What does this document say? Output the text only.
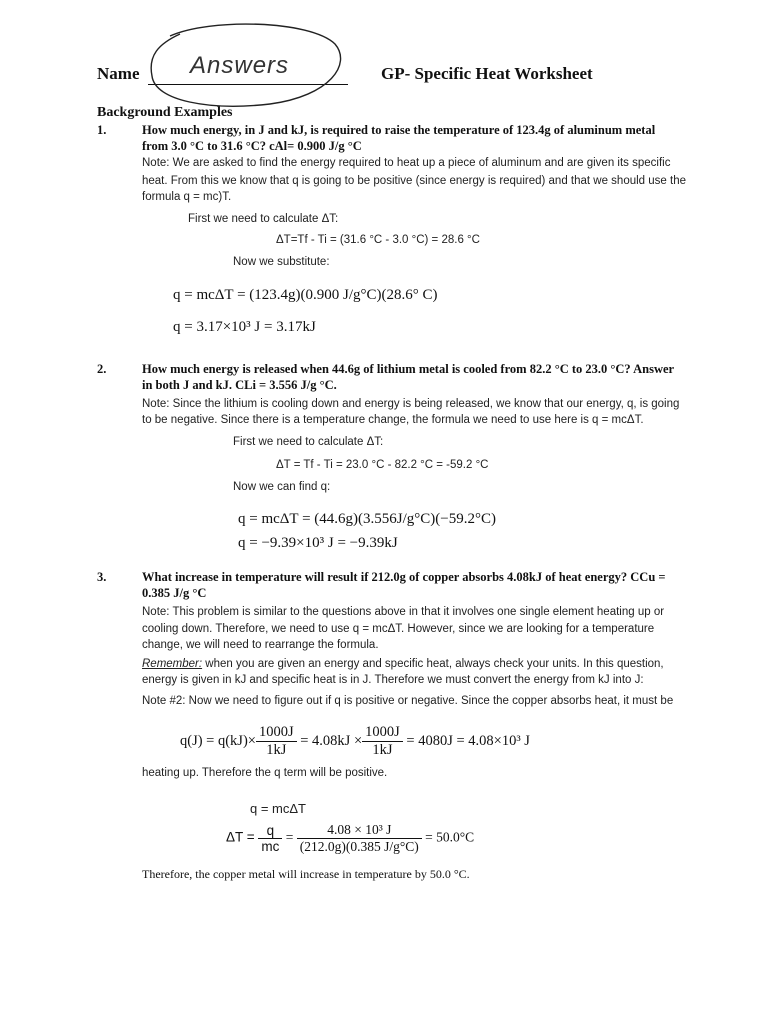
Name Answers	GP- Specific Heat Worksheet
Background Examples
1.	How much energy, in J and kJ, is required to raise the temperature of 123.4g of aluminum metal
from 3.0 °C to 31.6 °C? cAl= 0.900 J/g °C
Note: We are asked to find the energy required to heat up a piece of aluminum and are given its specific
heat. From this we know that q is going to be positive (since energy is required) and that we should use the
formula q = mc)T.
First we need to calculate ΔT:
ΔT=Tf - Ti = (31.6 °C - 3.0 °C) = 28.6 °C
Now we substitute:
q = mcΔT = (123.4g)(0.900 J/g°C)(28.6° C)
q = 3.17×10³ J = 3.17kJ
2.	How much energy is released when 44.6g of lithium metal is cooled from 82.2 °C to 23.0 °C? Answer
in both J and kJ. CLi = 3.556 J/g °C.
Note: Since the lithium is cooling down and energy is being released, we know that our energy, q, is going
to be negative. Since there is a temperature change, the formula we need to use here is q = mcΔT.
First we need to calculate ΔT:
ΔT = Tf - Ti = 23.0 °C - 82.2 °C = -59.2 °C
Now we can find q:
q = mcΔT = (44.6g)(3.556J/g°C)(−59.2°C)
q = −9.39×10³ J = −9.39kJ
3.	What increase in temperature will result if 212.0g of copper absorbs 4.08kJ of heat energy? CCu =
0.385 J/g °C
Note: This problem is similar to the questions above in that it involves one single element heating up or
cooling down. Therefore, we need to use q = mcΔT. However, since we are looking for a temperature
change, we will need to rearrange the formula.
Remember: when you are given an energy and specific heat, always check your units. In this question,
energy is given in kJ and specific heat is in J. Therefore we must convert the energy from kJ into J:
Note #2: Now we need to figure out if q is positive or negative. Since the copper absorbs heat, it must be
$q(J) = q(kJ)\times \frac{1000J}{1kJ} = 4.08kJ \times \frac{1000J}{1kJ} = 4080J = 4.08\times 10^3$ J
heating up. Therefore the q term will be positive.
q = mcΔT
$\Delta T = \frac{q}{mc} = \frac{\text{4.08 × 10³ J}}{(212.0g)(0.385 J/g^\circ C)} = 50.0^\circ C$
Therefore, the copper metal will increase in temperature by 50.0 °C.
